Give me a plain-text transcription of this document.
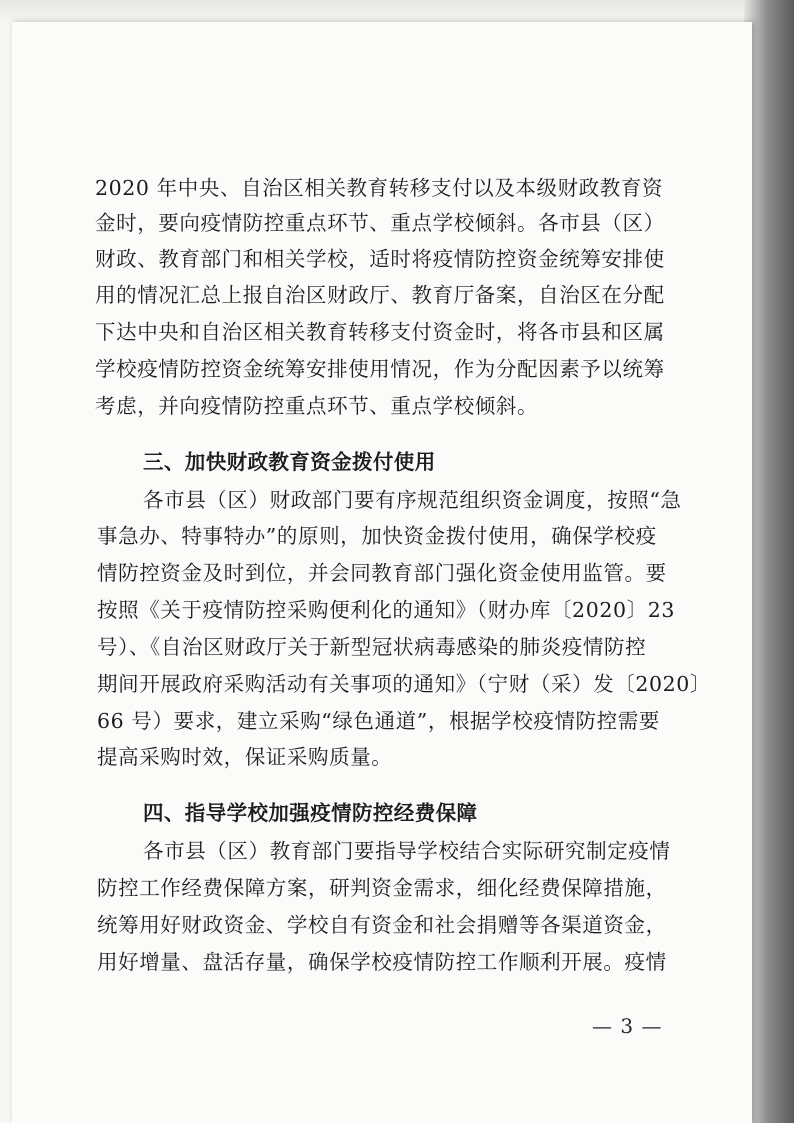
2020 年中央、自治区相关教育转移支付以及本级财政教育资

金时，要向疫情防控重点环节、重点学校倾斜。各市县（区）

财政、教育部门和相关学校，适时将疫情防控资金统筹安排使

用的情况汇总上报自治区财政厅、教育厅备案，自治区在分配

下达中央和自治区相关教育转移支付资金时，将各市县和区属

学校疫情防控资金统筹安排使用情况，作为分配因素予以统筹

考虑，并向疫情防控重点环节、重点学校倾斜。

三、加快财政教育资金拨付使用

各市县（区）财政部门要有序规范组织资金调度，按照“急

事急办、特事特办”的原则，加快资金拨付使用，确保学校疫

情防控资金及时到位，并会同教育部门强化资金使用监管。要

按照《关于疫情防控采购便利化的通知》（财办库〔2020〕23

号）、《自治区财政厅关于新型冠状病毒感染的肺炎疫情防控

期间开展政府采购活动有关事项的通知》（宁财（采）发〔2020〕

66 号）要求，建立采购“绿色通道”，根据学校疫情防控需要

提高采购时效，保证采购质量。

四、指导学校加强疫情防控经费保障

各市县（区）教育部门要指导学校结合实际研究制定疫情

防控工作经费保障方案，研判资金需求，细化经费保障措施，

统筹用好财政资金、学校自有资金和社会捐赠等各渠道资金，

用好增量、盘活存量，确保学校疫情防控工作顺利开展。疫情

— 3 —
